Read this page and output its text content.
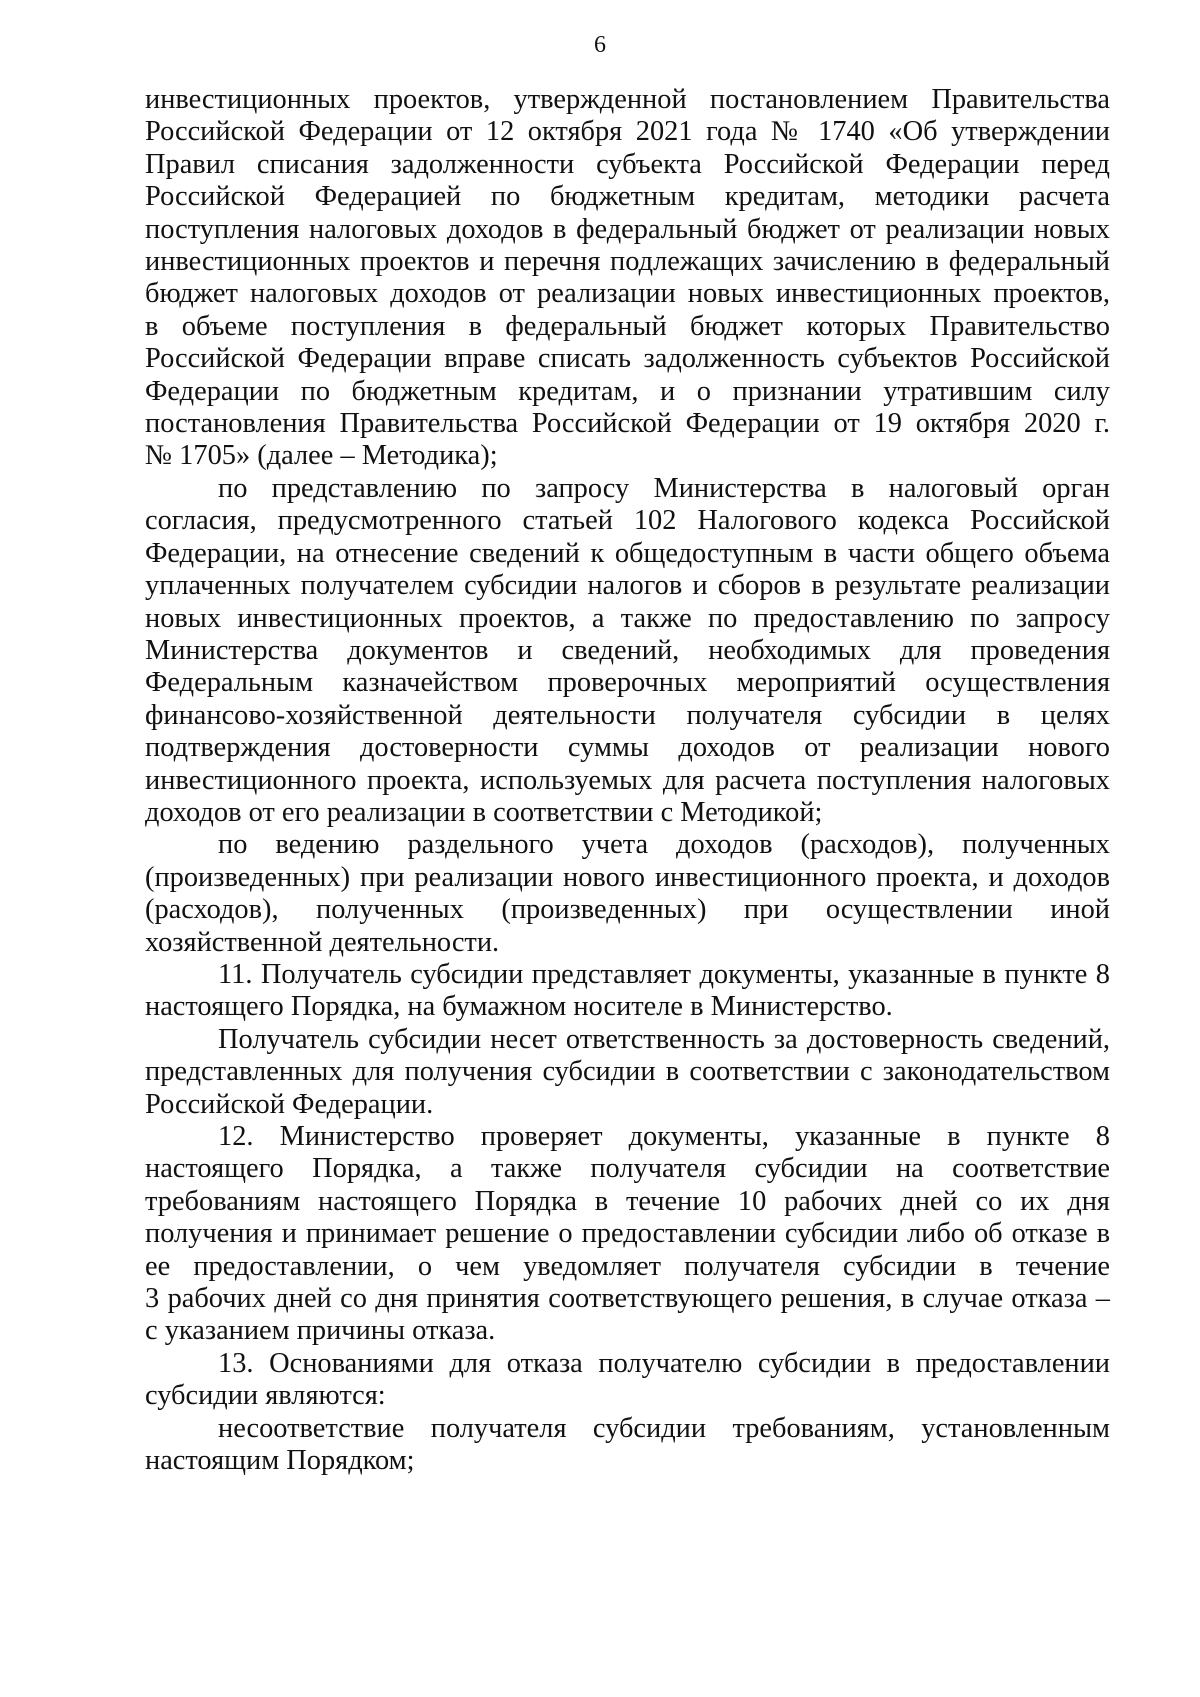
6
инвестиционных проектов, утвержденной постановлением Правительства
Российской Федерации от 12 октября 2021 года № 1740 «Об утверждении
Правил списания задолженности субъекта Российской Федерации перед
Российской Федерацией по бюджетным кредитам, методики расчета
поступления налоговых доходов в федеральный бюджет от реализации новых
инвестиционных проектов и перечня подлежащих зачислению в федеральный
бюджет налоговых доходов от реализации новых инвестиционных проектов,
в объеме поступления в федеральный бюджет которых Правительство
Российской Федерации вправе списать задолженность субъектов Российской
Федерации по бюджетным кредитам, и о признании утратившим силу
постановления Правительства Российской Федерации от 19 октября 2020 г.
№ 1705» (далее – Методика);
по представлению по запросу Министерства в налоговый орган
согласия, предусмотренного статьей 102 Налогового кодекса Российской
Федерации, на отнесение сведений к общедоступным в части общего объема
уплаченных получателем субсидии налогов и сборов в результате реализации
новых инвестиционных проектов, а также по предоставлению по запросу
Министерства документов и сведений, необходимых для проведения
Федеральным казначейством проверочных мероприятий осуществления
финансово-хозяйственной деятельности получателя субсидии в целях
подтверждения достоверности суммы доходов от реализации нового
инвестиционного проекта, используемых для расчета поступления налоговых
доходов от его реализации в соответствии с Методикой;
по ведению раздельного учета доходов (расходов), полученных
(произведенных) при реализации нового инвестиционного проекта, и доходов
(расходов), полученных (произведенных) при осуществлении иной
хозяйственной деятельности.
11. Получатель субсидии представляет документы, указанные в пункте 8
настоящего Порядка, на бумажном носителе в Министерство.
Получатель субсидии несет ответственность за достоверность сведений,
представленных для получения субсидии в соответствии с законодательством
Российской Федерации.
12. Министерство проверяет документы, указанные в пункте 8
настоящего Порядка, а также получателя субсидии на соответствие
требованиям настоящего Порядка в течение 10 рабочих дней со их дня
получения и принимает решение о предоставлении субсидии либо об отказе в
ее предоставлении, о чем уведомляет получателя субсидии в течение
3 рабочих дней со дня принятия соответствующего решения, в случае отказа –
с указанием причины отказа.
13. Основаниями для отказа получателю субсидии в предоставлении
субсидии являются:
несоответствие получателя субсидии требованиям, установленным
настоящим Порядком;
